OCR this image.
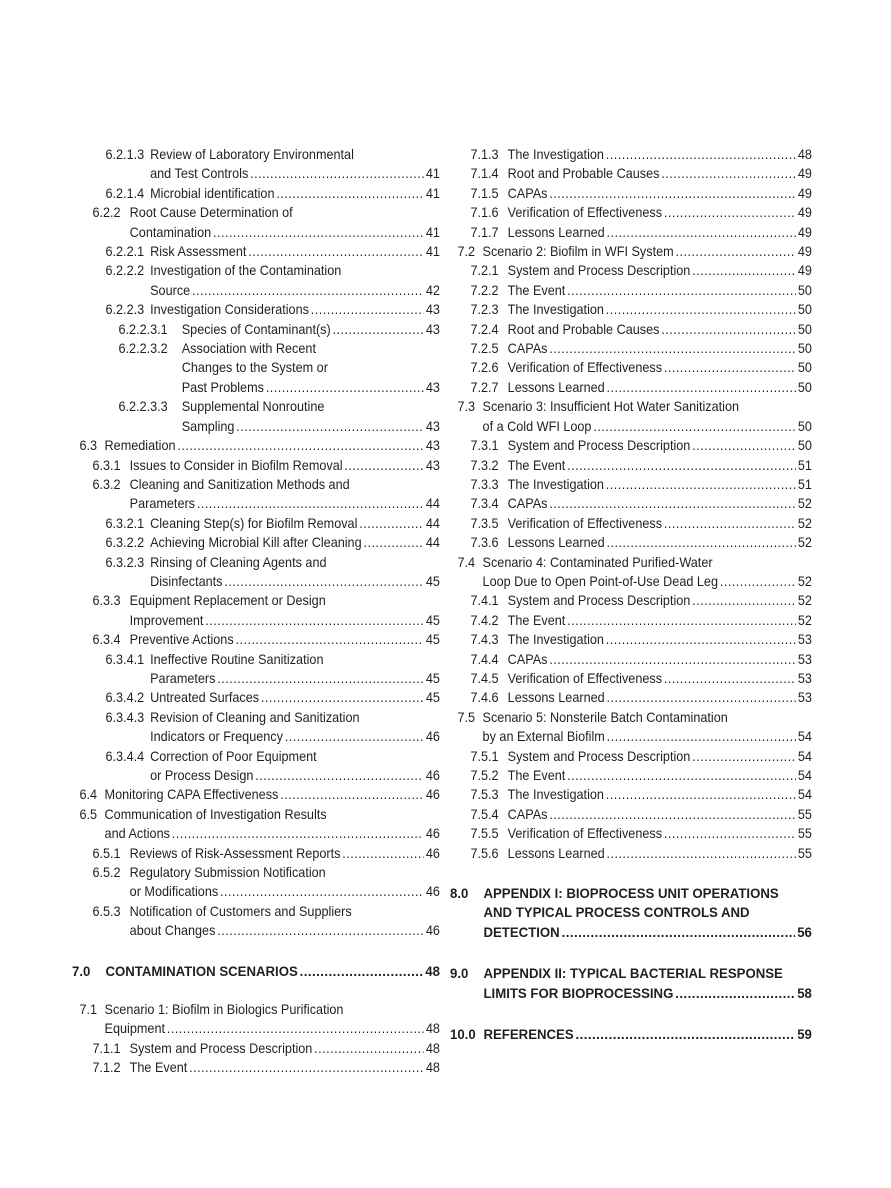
6.2.1.3 Review of Laboratory Environmental
and Test Controls .....	41
6.2.1.4 Microbial identification .....	41
6.2.2 Root Cause Determination of
Contamination .....	41
6.2.2.1 Risk Assessment .....	41
6.2.2.2 Investigation of the Contamination
Source .....	42
6.2.2.3 Investigation Considerations .....	43
6.2.2.3.1	Species of Contaminant(s) .....	43
6.2.2.3.2	Association with Recent
Changes to the System or
Past Problems .....	43
6.2.2.3.3	Supplemental Nonroutine
Sampling .....	43
6.3 Remediation .....	43
6.3.1 Issues to Consider in Biofilm Removal .....	43
6.3.2 Cleaning and Sanitization Methods and
Parameters .....	44
6.3.2.1 Cleaning Step(s) for Biofilm Removal .....	44
6.3.2.2 Achieving Microbial Kill after Cleaning .....	44
6.3.2.3 Rinsing of Cleaning Agents and
Disinfectants .....	45
6.3.3 Equipment Replacement or Design
Improvement .....	45
6.3.4 Preventive Actions .....	45
6.3.4.1 Ineffective Routine Sanitization
Parameters .....	45
6.3.4.2 Untreated Surfaces .....	45
6.3.4.3 Revision of Cleaning and Sanitization
Indicators or Frequency .....	46
6.3.4.4 Correction of Poor Equipment
or Process Design .....	46
6.4 Monitoring CAPA Effectiveness .....	46
6.5 Communication of Investigation Results
and Actions .....	46
6.5.1 Reviews of Risk-Assessment Reports .....	46
6.5.2 Regulatory Submission Notification
or Modifications .....	46
6.5.3 Notification of Customers and Suppliers
about Changes .....	46
7.0	CONTAMINATION SCENARIOS .....	48
7.1 Scenario 1: Biofilm in Biologics Purification
Equipment .....	48
7.1.1 System and Process Description .....	48
7.1.2 The Event .....	48
7.1.3 The Investigation .....	48
7.1.4 Root and Probable Causes .....	49
7.1.5 CAPAs .....	49
7.1.6 Verification of Effectiveness .....	49
7.1.7 Lessons Learned .....	49
7.2 Scenario 2: Biofilm in WFI System .....	49
7.2.1 System and Process Description .....	49
7.2.2 The Event .....	50
7.2.3 The Investigation .....	50
7.2.4 Root and Probable Causes .....	50
7.2.5 CAPAs .....	50
7.2.6 Verification of Effectiveness .....	50
7.2.7 Lessons Learned .....	50
7.3 Scenario 3: Insufficient Hot Water Sanitization
of a Cold WFI Loop .....	50
7.3.1 System and Process Description .....	50
7.3.2 The Event .....	51
7.3.3 The Investigation .....	51
7.3.4 CAPAs .....	52
7.3.5 Verification of Effectiveness .....	52
7.3.6 Lessons Learned .....	52
7.4 Scenario 4: Contaminated Purified-Water
Loop Due to Open Point-of-Use Dead Leg .....	52
7.4.1 System and Process Description .....	52
7.4.2 The Event .....	52
7.4.3 The Investigation .....	53
7.4.4 CAPAs .....	53
7.4.5 Verification of Effectiveness .....	53
7.4.6 Lessons Learned .....	53
7.5 Scenario 5: Nonsterile Batch Contamination
by an External Biofilm .....	54
7.5.1 System and Process Description .....	54
7.5.2 The Event .....	54
7.5.3 The Investigation .....	54
7.5.4 CAPAs .....	55
7.5.5 Verification of Effectiveness .....	55
7.5.6 Lessons Learned .....	55
8.0	APPENDIX I: BIOPROCESS UNIT OPERATIONS
AND TYPICAL PROCESS CONTROLS AND
DETECTION .....	56
9.0	APPENDIX II: TYPICAL BACTERIAL RESPONSE
LIMITS FOR BIOPROCESSING .....	58
10.0 REFERENCES .....	59
